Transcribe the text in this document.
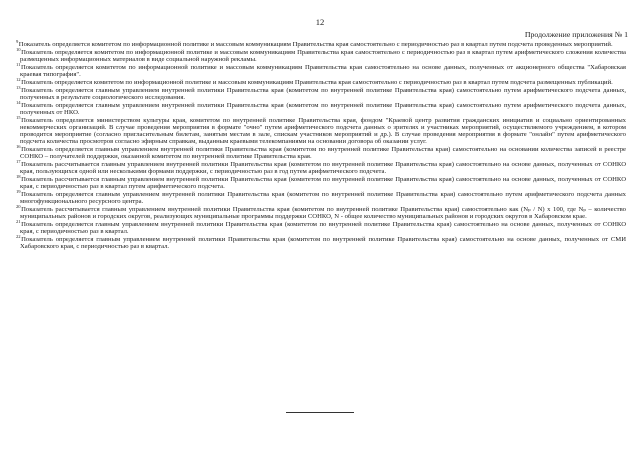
12
Продолжение приложения № 1
$^9$Показатель определяется комитетом по информационной политике и массовым коммуникациям Правительства края самостоятельно с периодичностью раз в квартал путем подсчета проведенных мероприятий.
$^{10}$Показатель определяется комитетом по информационной политике и массовым коммуникациям Правительства края самостоятельно с периодичностью раз в квартал путем арифметического сложения количества размещенных информационных материалов в виде социальной наружной рекламы.
$^{11}$Показатель определяется комитетом по информационной политике и массовым коммуникациям Правительства края самостоятельно на основе данных, полученных от акционерного общества "Хабаровская краевая типография".
$^{12}$Показатель определяется комитетом по информационной политике и массовым коммуникациям Правительства края самостоятельно с периодичностью раз в квартал путем подсчета размещенных публикаций.
$^{13}$Показатель определяется главным управлением внутренней политики Правительства края (комитетом по внутренней политике Правительства края) самостоятельно путем арифметического подсчета данных, полученных в результате социологического исследования.
$^{14}$Показатель определяется главным управлением внутренней политики Правительства края (комитетом по внутренней политике Правительства края) самостоятельно путем арифметического подсчета данных, полученных от НКО.
$^{15}$Показатель определяется министерством культуры края, комитетом по внутренней политике Правительства края, фондом "Краевой центр развития гражданских инициатив и социально ориентированных некоммерческих организаций. В случае проведения мероприятия в формате "очно" путем арифметического подсчета данных о зрителях и участниках мероприятий, осуществляемого учреждением, в котором проводится мероприятие (согласно пригласительным билетам, занятым местам в зале, спискам участников мероприятий и др.). В случае проведения мероприятия в формате "онлайн" путем арифметического подсчета количества просмотров согласно эфирным справкам, выданным краевыми телекомпаниями на основании договора об оказании услуг.
$^{16}$Показатель определяется главным управлением внутренней политики Правительства края (комитетом по внутренней политике Правительства края) самостоятельно на основании количества записей в реестре СОНКО – получателей поддержки, оказанной комитетом по внутренней политике Правительства края.
$^{17}$Показатель рассчитывается главным управлением внутренней политики Правительства края (комитетом по внутренней политике Правительства края) самостоятельно на основе данных, полученных от СОНКО края, пользующихся одной или несколькими формами поддержки, с периодичностью раз в год путем арифметического подсчета.
$^{18}$Показатель рассчитывается главным управлением внутренней политики Правительства края (комитетом по внутренней политике Правительства края) самостоятельно на основе данных, полученных от СОНКО края, с периодичностью раз в квартал путем арифметического подсчета.
$^{19}$Показатель определяется главным управлением внутренней политики Правительства края (комитетом по внутренней политике Правительства края) самостоятельно путем арифметического подсчета данных многофункционального ресурсного центра.
$^{20}$Показатель рассчитывается главным управлением внутренней политики Правительства края (комитетом по внутренней политике Правительства края) самостоятельно как (Nₚ / N) х 100, где Nₚ – количество муниципальных районов и городских округов, реализующих муниципальные программы поддержки СОНКО, N - общее количество муниципальных районов и городских округов в Хабаровском крае.
$^{21}$Показатель определяется главным управлением внутренней политики Правительства края (комитетом по внутренней политике Правительства края) самостоятельно на основе данных, полученных от СОНКО края, с периодичностью раз в квартал.
$^{22}$Показатель определяется главным управлением внутренней политики Правительства края (комитетом по внутренней политике Правительства края) самостоятельно на основе данных, полученных от СМИ Хабаровского края, с периодичностью раз в квартал.
